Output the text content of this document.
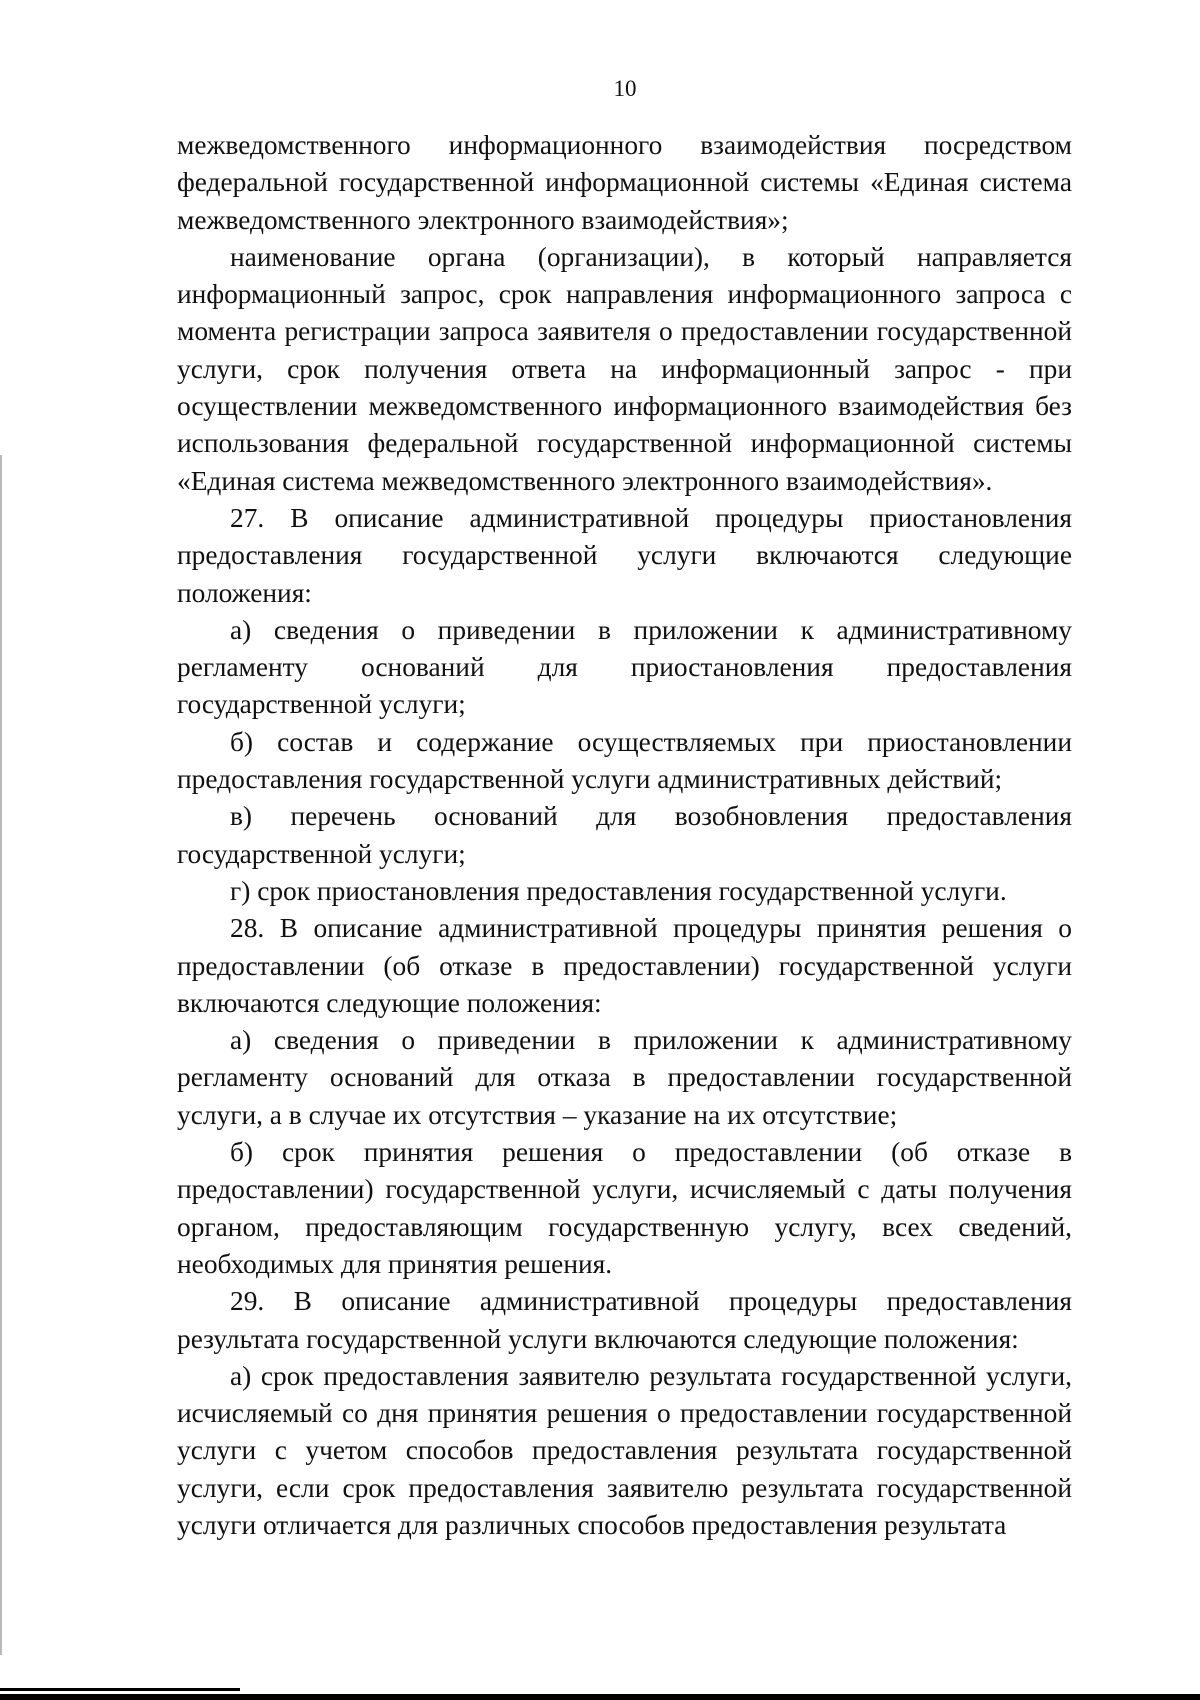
10

межведомственного информационного взаимодействия посредством федеральной государственной информационной системы «Единая система межведомственного электронного взаимодействия»;

наименование органа (организации), в который направляется информационный запрос, срок направления информационного запроса с момента регистрации запроса заявителя о предоставлении государственной услуги, срок получения ответа на информационный запрос - при осуществлении межведомственного информационного взаимодействия без использования федеральной государственной информационной системы «Единая система межведомственного электронного взаимодействия».

27. В описание административной процедуры приостановления предоставления государственной услуги включаются следующие положения:

а) сведения о приведении в приложении к административному регламенту оснований для приостановления предоставления государственной услуги;

б) состав и содержание осуществляемых при приостановлении предоставления государственной услуги административных действий;

в) перечень оснований для возобновления предоставления государственной услуги;

г) срок приостановления предоставления государственной услуги.

28. В описание административной процедуры принятия решения о предоставлении (об отказе в предоставлении) государственной услуги включаются следующие положения:

а) сведения о приведении в приложении к административному регламенту оснований для отказа в предоставлении государственной услуги, а в случае их отсутствия – указание на их отсутствие;

б) срок принятия решения о предоставлении (об отказе в предоставлении) государственной услуги, исчисляемый с даты получения органом, предоставляющим государственную услугу, всех сведений, необходимых для принятия решения.

29. В описание административной процедуры предоставления результата государственной услуги включаются следующие положения:

а) срок предоставления заявителю результата государственной услуги, исчисляемый со дня принятия решения о предоставлении государственной услуги с учетом способов предоставления результата государственной услуги, если срок предоставления заявителю результата государственной услуги отличается для различных способов предоставления результата
